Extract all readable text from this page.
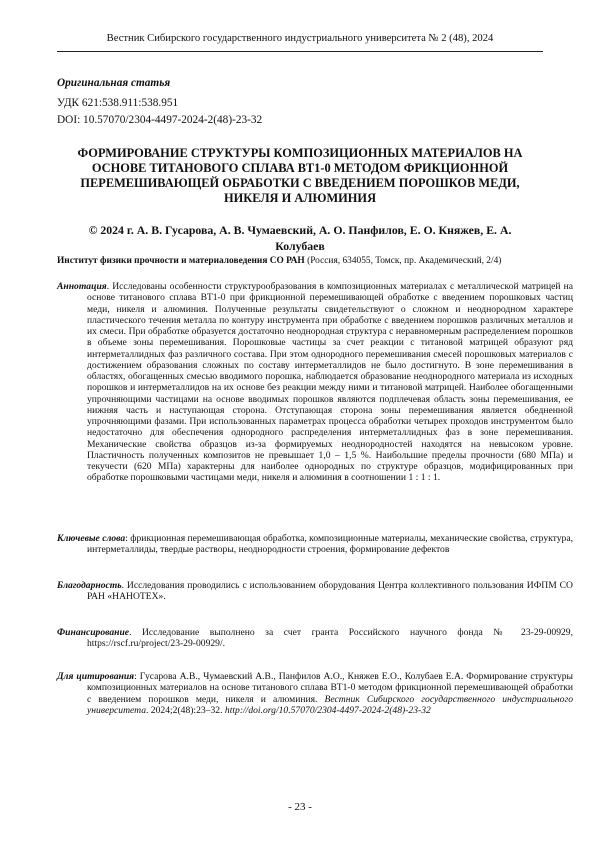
Вестник Сибирского государственного индустриального университета № 2 (48), 2024
Оригинальная статья
УДК 621:538.911:538.951
DOI: 10.57070/2304-4497-2024-2(48)-23-32
ФОРМИРОВАНИЕ СТРУКТУРЫ КОМПОЗИЦИОННЫХ МАТЕРИАЛОВ НА ОСНОВЕ ТИТАНОВОГО СПЛАВА ВТ1-0 МЕТОДОМ ФРИКЦИОННОЙ ПЕРЕМЕШИВАЮЩЕЙ ОБРАБОТКИ С ВВЕДЕНИЕМ ПОРОШКОВ МЕДИ, НИКЕЛЯ И АЛЮМИНИЯ
© 2024 г. А. В. Гусарова, А. В. Чумаевский, А. О. Панфилов, Е. О. Княжев, Е. А. Колубаев
Институт физики прочности и материаловедения СО РАН (Россия, 634055, Томск, пр. Академический, 2/4)
Аннотация. Исследованы особенности структурообразования в композиционных материалах с металлической матрицей на основе титанового сплава ВТ1-0 при фрикционной перемешивающей обработке с введением порошковых частиц меди, никеля и алюминия. Полученные результаты свидетельствуют о сложном и неоднородном характере пластического течения металла по контуру инструмента при обработке с введением порошков различных металлов и их смеси. При обработке образуется достаточно неоднородная структура с неравномерным распределением порошков в объеме зоны перемешивания. Порошковые частицы за счет реакции с титановой матрицей образуют ряд интерметаллидных фаз различного состава. При этом однородного перемешивания смесей порошковых материалов с достижением образования сложных по составу интерметаллидов не было достигнуто. В зоне перемешивания в областях, обогащенных смесью вводимого порошка, наблюдается образование неоднородного материала из исходных порошков и интерметаллидов на их основе без реакции между ними и титановой матрицей. Наиболее обогащенными упрочняющими частицами на основе вводимых порошков являются подплечевая область зоны перемешивания, ее нижняя часть и наступающая сторона. Отступающая сторона зоны перемешивания является обедненной упрочняющими фазами. При использованных параметрах процесса обработки четырех проходов инструментом было недостаточно для обеспечения однородного распределения интерметаллидных фаз в зоне перемешивания. Механические свойства образцов из-за формируемых неоднородностей находятся на невысоком уровне. Пластичность полученных композитов не превышает 1,0 – 1,5 %. Наибольшие пределы прочности (680 МПа) и текучести (620 МПа) характерны для наиболее однородных по структуре образцов, модифицированных при обработке порошковыми частицами меди, никеля и алюминия в соотношении 1 : 1 : 1.
Ключевые слова: фрикционная перемешивающая обработка, композиционные материалы, механические свойства, структура, интерметаллиды, твердые растворы, неоднородности строения, формирование дефектов
Благодарность. Исследования проводились с использованием оборудования Центра коллективного пользования ИФПМ СО РАН «НАНОТЕХ».
Финансирование. Исследование выполнено за счет гранта Российского научного фонда № 23-29-00929, https://rscf.ru/project/23-29-00929/.
Для цитирования: Гусарова А.В., Чумаевский А.В., Панфилов А.О., Княжев Е.О., Колубаев Е.А. Формирование структуры композиционных материалов на основе титанового сплава ВТ1-0 методом фрикционной перемешивающей обработки с введением порошков меди, никеля и алюминия. Вестник Сибирского государственного индустриального университета. 2024;2(48):23–32. http://doi.org/10.57070/2304-4497-2024-2(48)-23-32
- 23 -
